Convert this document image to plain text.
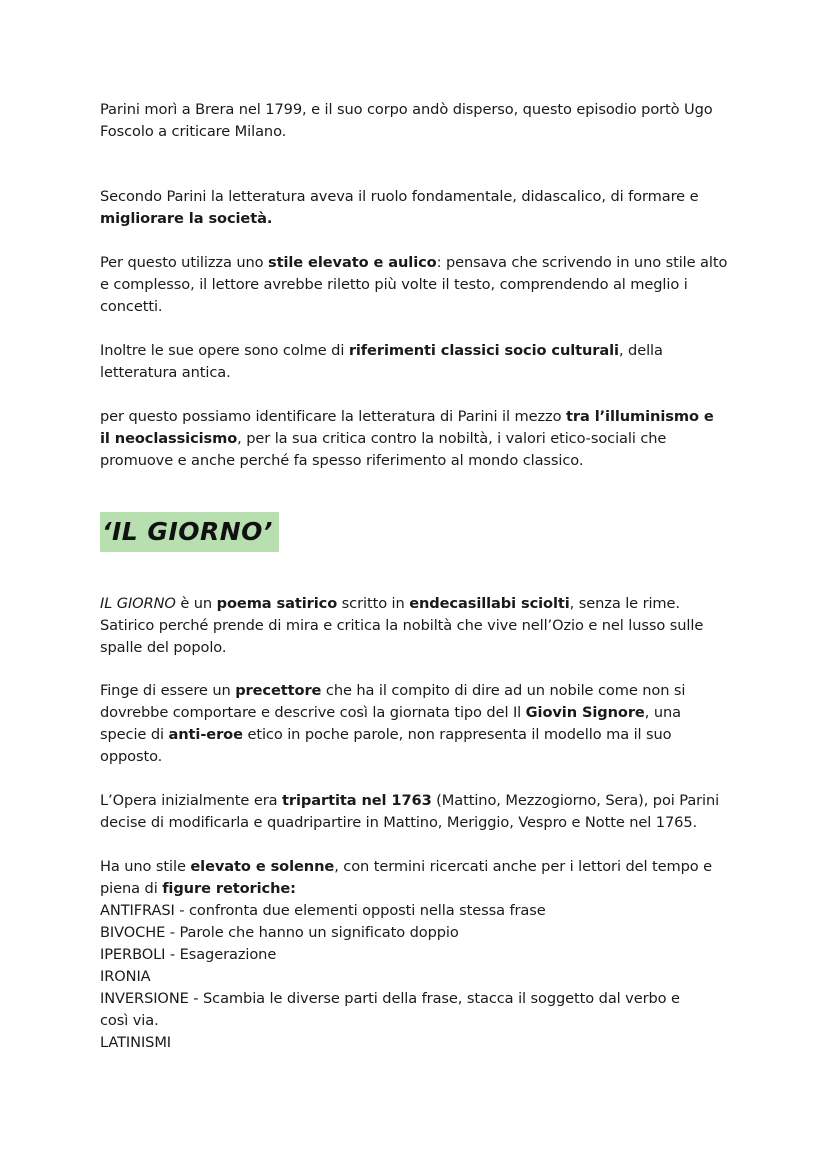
Parini morì a Brera nel 1799, e il suo corpo andò disperso, questo episodio portò Ugo
Foscolo a criticare Milano.

Secondo Parini la letteratura aveva il ruolo fondamentale, didascalico, di formare e
migliorare la società.

Per questo utilizza uno stile elevato e aulico: pensava che scrivendo in uno stile alto
e complesso, il lettore avrebbe riletto più volte il testo, comprendendo al meglio i
concetti.

Inoltre le sue opere sono colme di riferimenti classici socio culturali, della
letteratura antica.

per questo possiamo identificare la letteratura di Parini il mezzo tra l’illuminismo e
il neoclassicismo, per la sua critica contro la nobiltà, i valori etico-sociali che
promuove e anche perché fa spesso riferimento al mondo classico.

‘IL GIORNO’

IL GIORNO è un poema satirico scritto in endecasillabi sciolti, senza le rime.
Satirico perché prende di mira e critica la nobiltà che vive nell’Ozio e nel lusso sulle
spalle del popolo.

Finge di essere un precettore che ha il compito di dire ad un nobile come non si
dovrebbe comportare e descrive così la giornata tipo del Il Giovin Signore, una
specie di anti-eroe etico in poche parole, non rappresenta il modello ma il suo
opposto.

L’Opera inizialmente era tripartita nel 1763 (Mattino, Mezzogiorno, Sera), poi Parini
decise di modificarla e quadripartire in Mattino, Meriggio, Vespro e Notte nel 1765.

Ha uno stile elevato e solenne, con termini ricercati anche per i lettori del tempo e
piena di figure retoriche:
ANTIFRASI - confronta due elementi opposti nella stessa frase
BIVOCHE - Parole che hanno un significato doppio
IPERBOLI - Esagerazione
IRONIA
INVERSIONE - Scambia le diverse parti della frase, stacca il soggetto dal verbo e
così via.
LATINISMI
